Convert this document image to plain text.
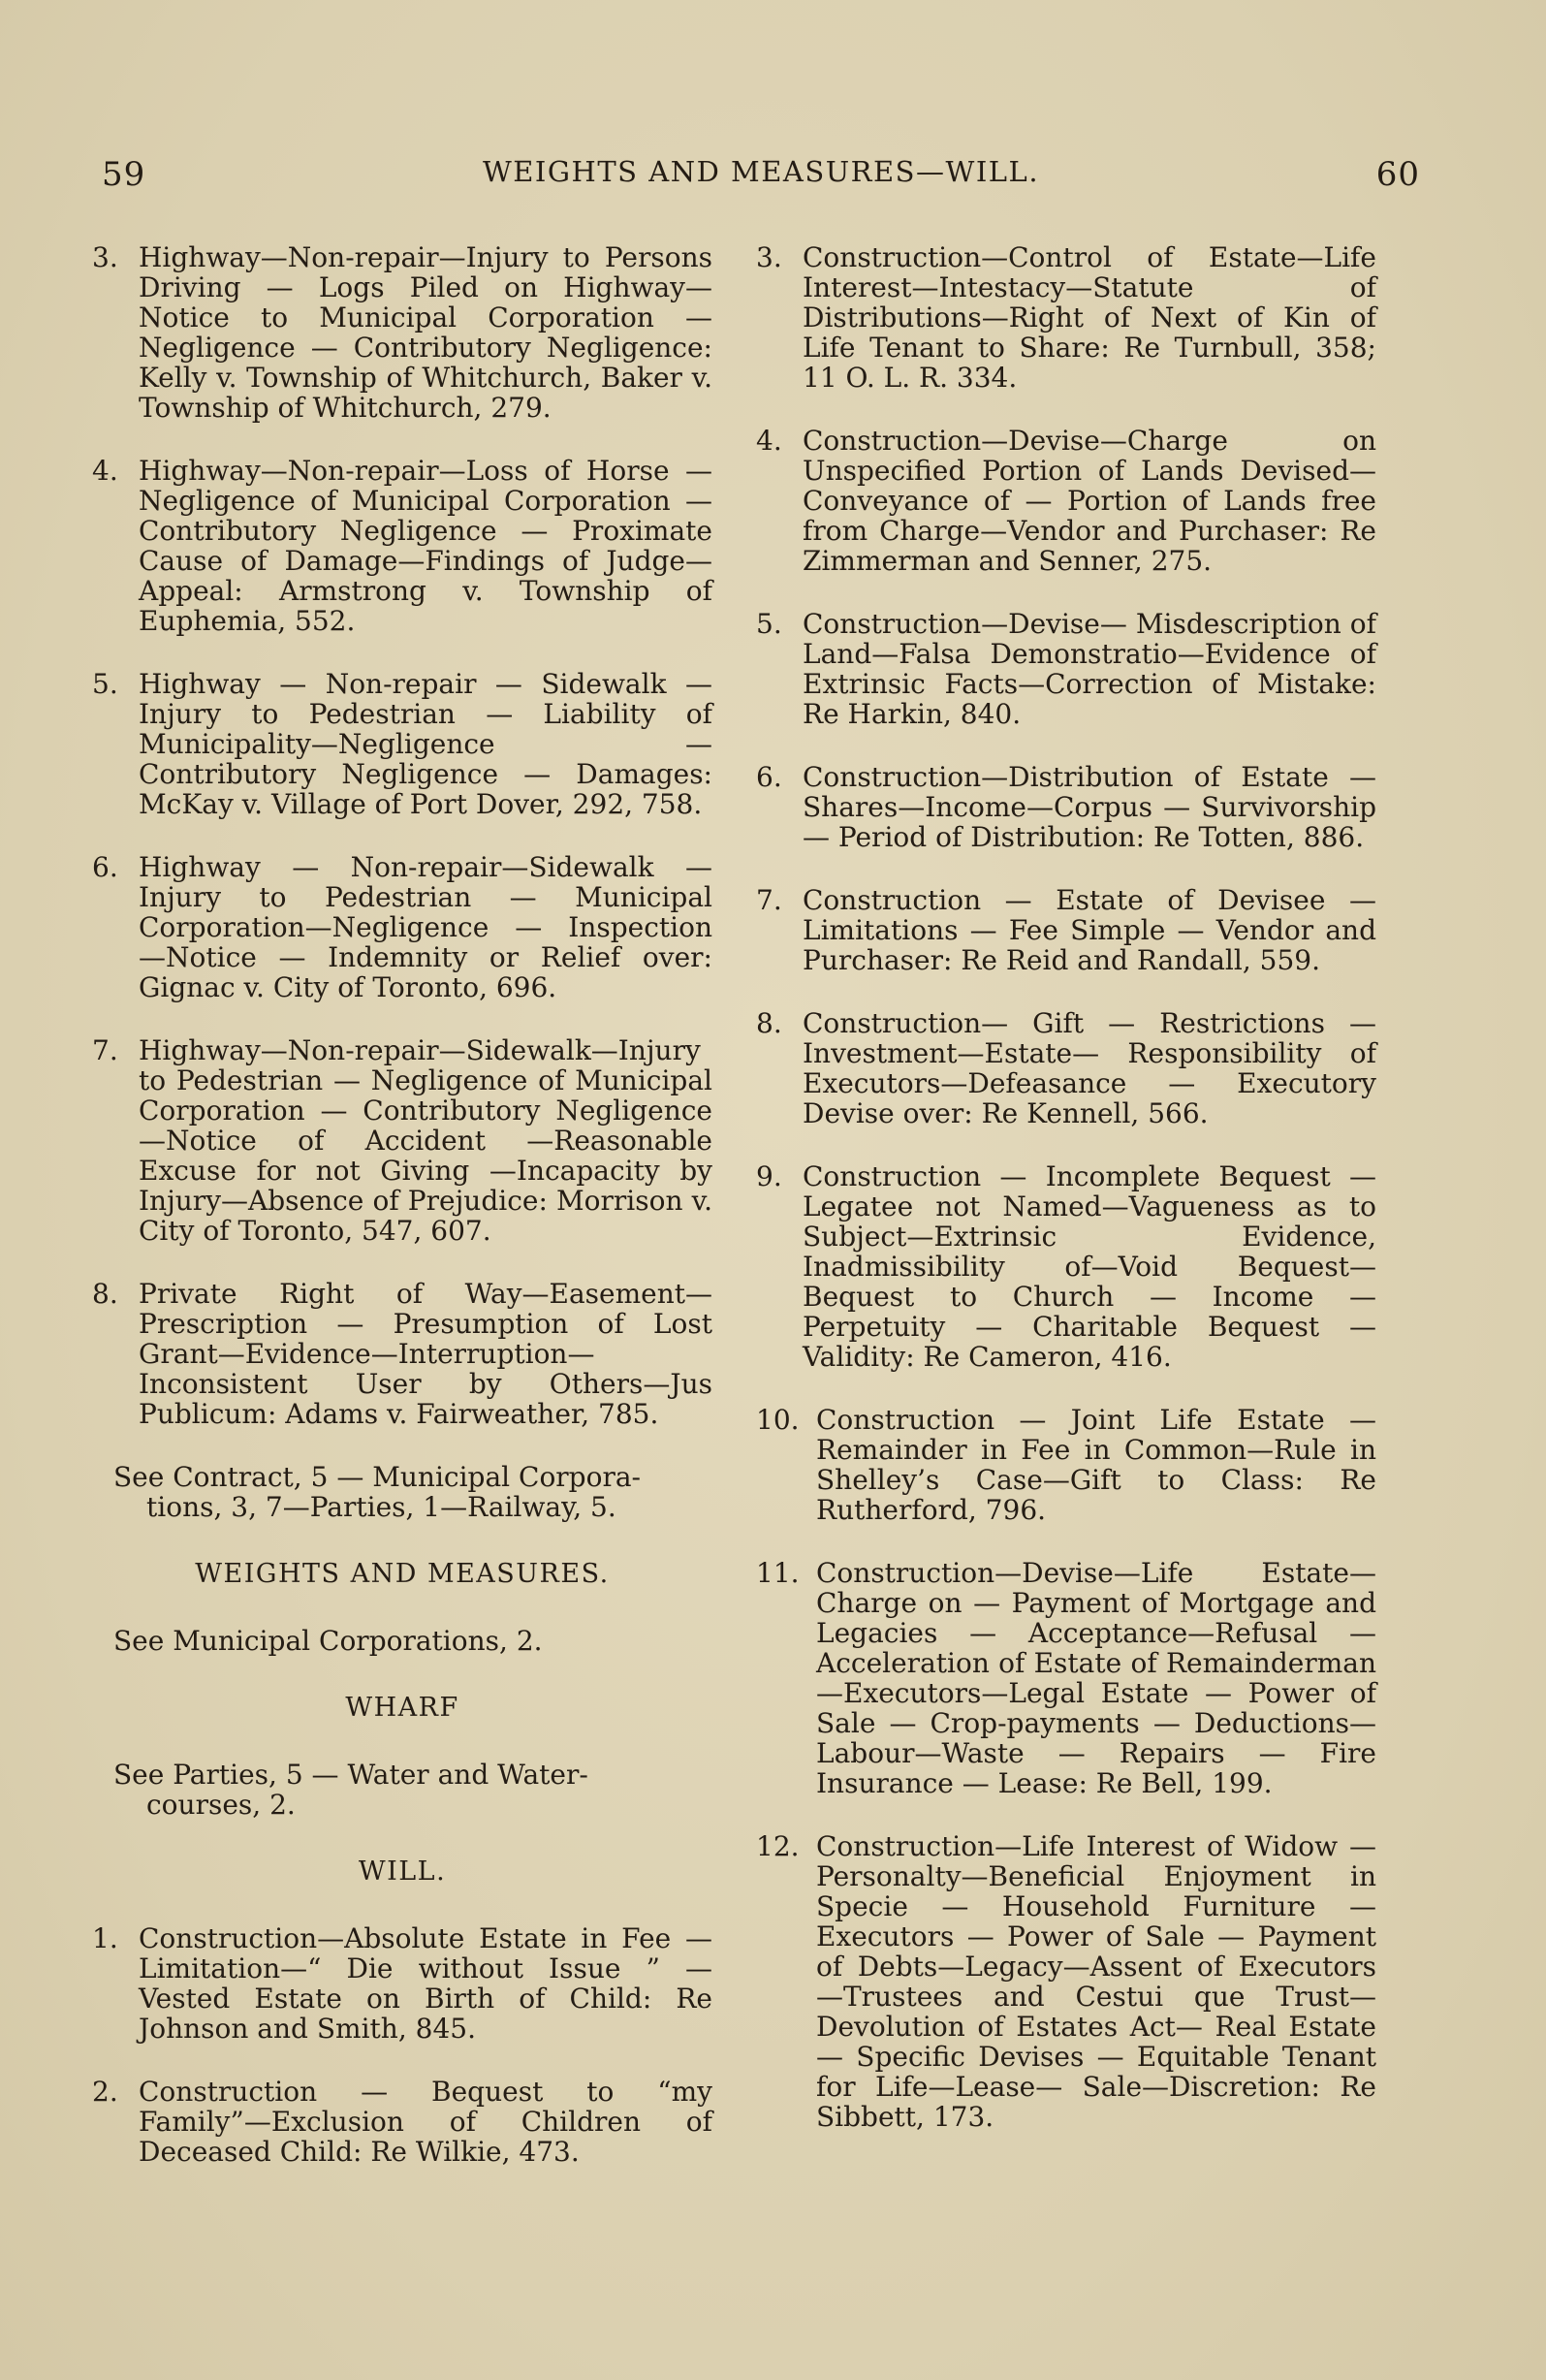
59	WEIGHTS AND MEASURES—WILL.	60
3. Highway—Non-repair—Injury to Persons Driving — Logs Piled on Highway—Notice to Municipal Corporation — Negligence — Contributory Negligence: Kelly v. Township of Whitchurch, Baker v. Township of Whitchurch, 279.
4. Highway—Non-repair—Loss of Horse —Negligence of Municipal Corporation — Contributory Negligence — Proximate Cause of Damage—Findings of Judge—Appeal: Armstrong v. Township of Euphemia, 552.
5. Highway — Non-repair — Sidewalk — Injury to Pedestrian — Liability of Municipality—Negligence — Contributory Negligence — Damages: McKay v. Village of Port Dover, 292, 758.
6. Highway — Non-repair—Sidewalk — Injury to Pedestrian — Municipal Corporation—Negligence — Inspection —Notice — Indemnity or Relief over: Gignac v. City of Toronto, 696.
7. Highway—Non-repair—Sidewalk—Injury to Pedestrian — Negligence of Municipal Corporation — Contributory Negligence—Notice of Accident —Reasonable Excuse for not Giving —Incapacity by Injury—Absence of Prejudice: Morrison v. City of Toronto, 547, 607.
8. Private Right of Way—Easement— Prescription — Presumption of Lost Grant—Evidence—Interruption— Inconsistent User by Others—Jus Publicum: Adams v. Fairweather, 785.

See Contract, 5 — Municipal Corpora-
tions, 3, 7—Parties, 1—Railway, 5.

WEIGHTS AND MEASURES.

See Municipal Corporations, 2.

WHARF

See Parties, 5 — Water and Water-
courses, 2.

WILL.
1. Construction—Absolute Estate in Fee —Limitation—“ Die without Issue ” —Vested Estate on Birth of Child: Re Johnson and Smith, 845.
2. Construction — Bequest to “my Family”—Exclusion of Children of Deceased Child: Re Wilkie, 473.
3. Construction—Control of Estate—Life Interest—Intestacy—Statute of Distributions—Right of Next of Kin of Life Tenant to Share: Re Turnbull, 358; 11 O. L. R. 334.
4. Construction—Devise—Charge on Unspecified Portion of Lands Devised— Conveyance of — Portion of Lands free from Charge—Vendor and Purchaser: Re Zimmerman and Senner, 275.
5. Construction—Devise— Misdescription of Land—Falsa Demonstratio—Evidence of Extrinsic Facts—Correction of Mistake: Re Harkin, 840.
6. Construction—Distribution of Estate —Shares—Income—Corpus — Survivorship — Period of Distribution: Re Totten, 886.
7. Construction — Estate of Devisee — Limitations — Fee Simple — Vendor and Purchaser: Re Reid and Randall, 559.
8. Construction— Gift — Restrictions — Investment—Estate— Responsibility of Executors—Defeasance — Executory Devise over: Re Kennell, 566.
9. Construction — Incomplete Bequest — Legatee not Named—Vagueness as to Subject—Extrinsic Evidence, Inadmissibility of—Void Bequest—Bequest to Church — Income — Perpetuity — Charitable Bequest — Validity: Re Cameron, 416.
10. Construction — Joint Life Estate — Remainder in Fee in Common—Rule in Shelley’s Case—Gift to Class: Re Rutherford, 796.
11. Construction—Devise—Life Estate— Charge on — Payment of Mortgage and Legacies — Acceptance—Refusal —Acceleration of Estate of Remainderman—Executors—Legal Estate — Power of Sale — Crop-payments — Deductions—Labour—Waste — Repairs — Fire Insurance — Lease: Re Bell, 199.
12. Construction—Life Interest of Widow —Personalty—Beneficial Enjoyment in Specie — Household Furniture — Executors — Power of Sale — Payment of Debts—Legacy—Assent of Executors—Trustees and Cestui que Trust—Devolution of Estates Act— Real Estate — Specific Devises — Equitable Tenant for Life—Lease— Sale—Discretion: Re Sibbett, 173.
